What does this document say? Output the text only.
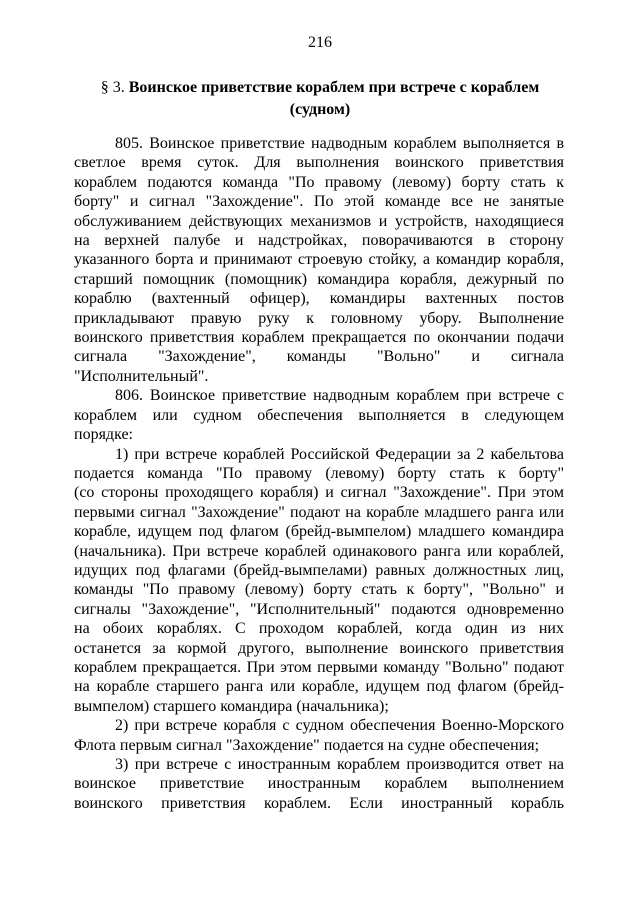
216
§ 3. Воинское приветствие кораблем при встрече с кораблем
(судном)
805. Воинское приветствие надводным кораблем выполняется в
светлое время суток. Для выполнения воинского приветствия
кораблем подаются команда "По правому (левому) борту стать к
борту" и сигнал "Захождение". По этой команде все не занятые
обслуживанием действующих механизмов и устройств, находящиеся
на верхней палубе и надстройках, поворачиваются в сторону
указанного борта и принимают строевую стойку, а командир корабля,
старший помощник (помощник) командира корабля, дежурный по
кораблю (вахтенный офицер), командиры вахтенных постов
прикладывают правую руку к головному убору. Выполнение
воинского приветствия кораблем прекращается по окончании подачи
сигнала "Захождение", команды "Вольно" и сигнала
"Исполнительный".
806. Воинское приветствие надводным кораблем при встрече с
кораблем или судном обеспечения выполняется в следующем
порядке:
1) при встрече кораблей Российской Федерации за 2 кабельтова
подается команда "По правому (левому) борту стать к борту"
(со стороны проходящего корабля) и сигнал "Захождение". При этом
первыми сигнал "Захождение" подают на корабле младшего ранга или
корабле, идущем под флагом (брейд-вымпелом) младшего командира
(начальника). При встрече кораблей одинакового ранга или кораблей,
идущих под флагами (брейд-вымпелами) равных должностных лиц,
команды "По правому (левому) борту стать к борту", "Вольно" и
сигналы "Захождение", "Исполнительный" подаются одновременно
на обоих кораблях. С проходом кораблей, когда один из них
останется за кормой другого, выполнение воинского приветствия
кораблем прекращается. При этом первыми команду "Вольно" подают
на корабле старшего ранга или корабле, идущем под флагом (брейд-
вымпелом) старшего командира (начальника);
2) при встрече корабля с судном обеспечения Военно-Морского
Флота первым сигнал "Захождение" подается на судне обеспечения;
3) при встрече с иностранным кораблем производится ответ на
воинское приветствие иностранным кораблем выполнением
воинского приветствия кораблем. Если иностранный корабль
